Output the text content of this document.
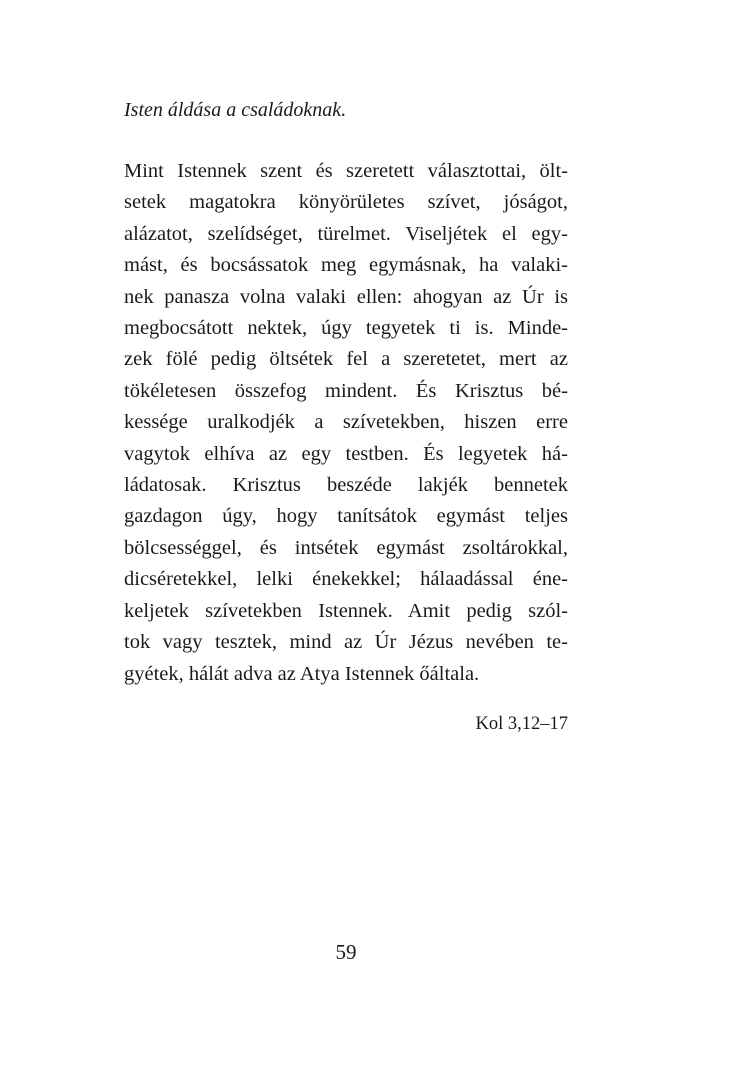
Isten áldása a családoknak.

Mint Istennek szent és szeretett választottai, ölt-
setek magatokra könyörületes szívet, jóságot,
alázatot, szelídséget, türelmet. Viseljétek el egy-
mást, és bocsássatok meg egymásnak, ha valaki-
nek panasza volna valaki ellen: ahogyan az Úr is
megbocsátott nektek, úgy tegyetek ti is. Minde-
zek fölé pedig öltsétek fel a szeretetet, mert az
tökéletesen összefog mindent. És Krisztus bé-
kessége uralkodjék a szívetekben, hiszen erre
vagytok elhíva az egy testben. És legyetek há-
ládatosak. Krisztus beszéde lakjék bennetek
gazdagon úgy, hogy tanítsátok egymást teljes
bölcsességgel, és intsétek egymást zsoltárokkal,
dicséretekkel, lelki énekekkel; hálaadással éne-
keljetek szívetekben Istennek. Amit pedig szól-
tok vagy tesztek, mind az Úr Jézus nevében te-
gyétek, hálát adva az Atya Istennek őáltala.

Kol 3,12–17

59
